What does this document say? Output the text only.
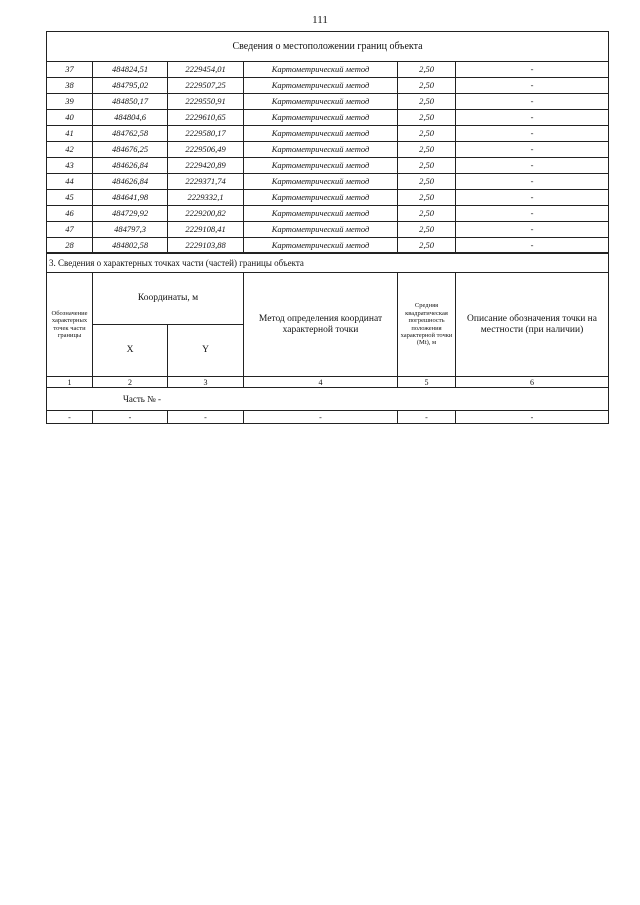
111
Сведения о местоположении границ объекта					
37	484824,51	2229454,01	Картометрический метод	2,50	-
38	484795,02	2229507,25	Картометрический метод	2,50	-
39	484850,17	2229550,91	Картометрический метод	2,50	-
40	484804,6	2229610,65	Картометрический метод	2,50	-
41	484762,58	2229580,17	Картометрический метод	2,50	-
42	484676,25	2229506,49	Картометрический метод	2,50	-
43	484626,84	2229420,89	Картометрический метод	2,50	-
44	484626,84	2229371,74	Картометрический метод	2,50	-
45	484641,98	2229332,1	Картометрический метод	2,50	-
46	484729,92	2229200,82	Картометрический метод	2,50	-
47	484797,3	2229108,41	Картометрический метод	2,50	-
28	484802,58	2229103,88	Картометрический метод	2,50	-
3. Сведения о характерных точках части (частей) границы объекта					
Обозначение характерных точек части границы	Координаты, м		Метод определения координат характерной точки	Средняя квадратическая погрешность положения характерной точки (Мt), м	Описание обозначения точки на местности (при наличии)
	X	Y			
1	2	3	4	5	6
Часть № -					
-	-	-	-	-	-
